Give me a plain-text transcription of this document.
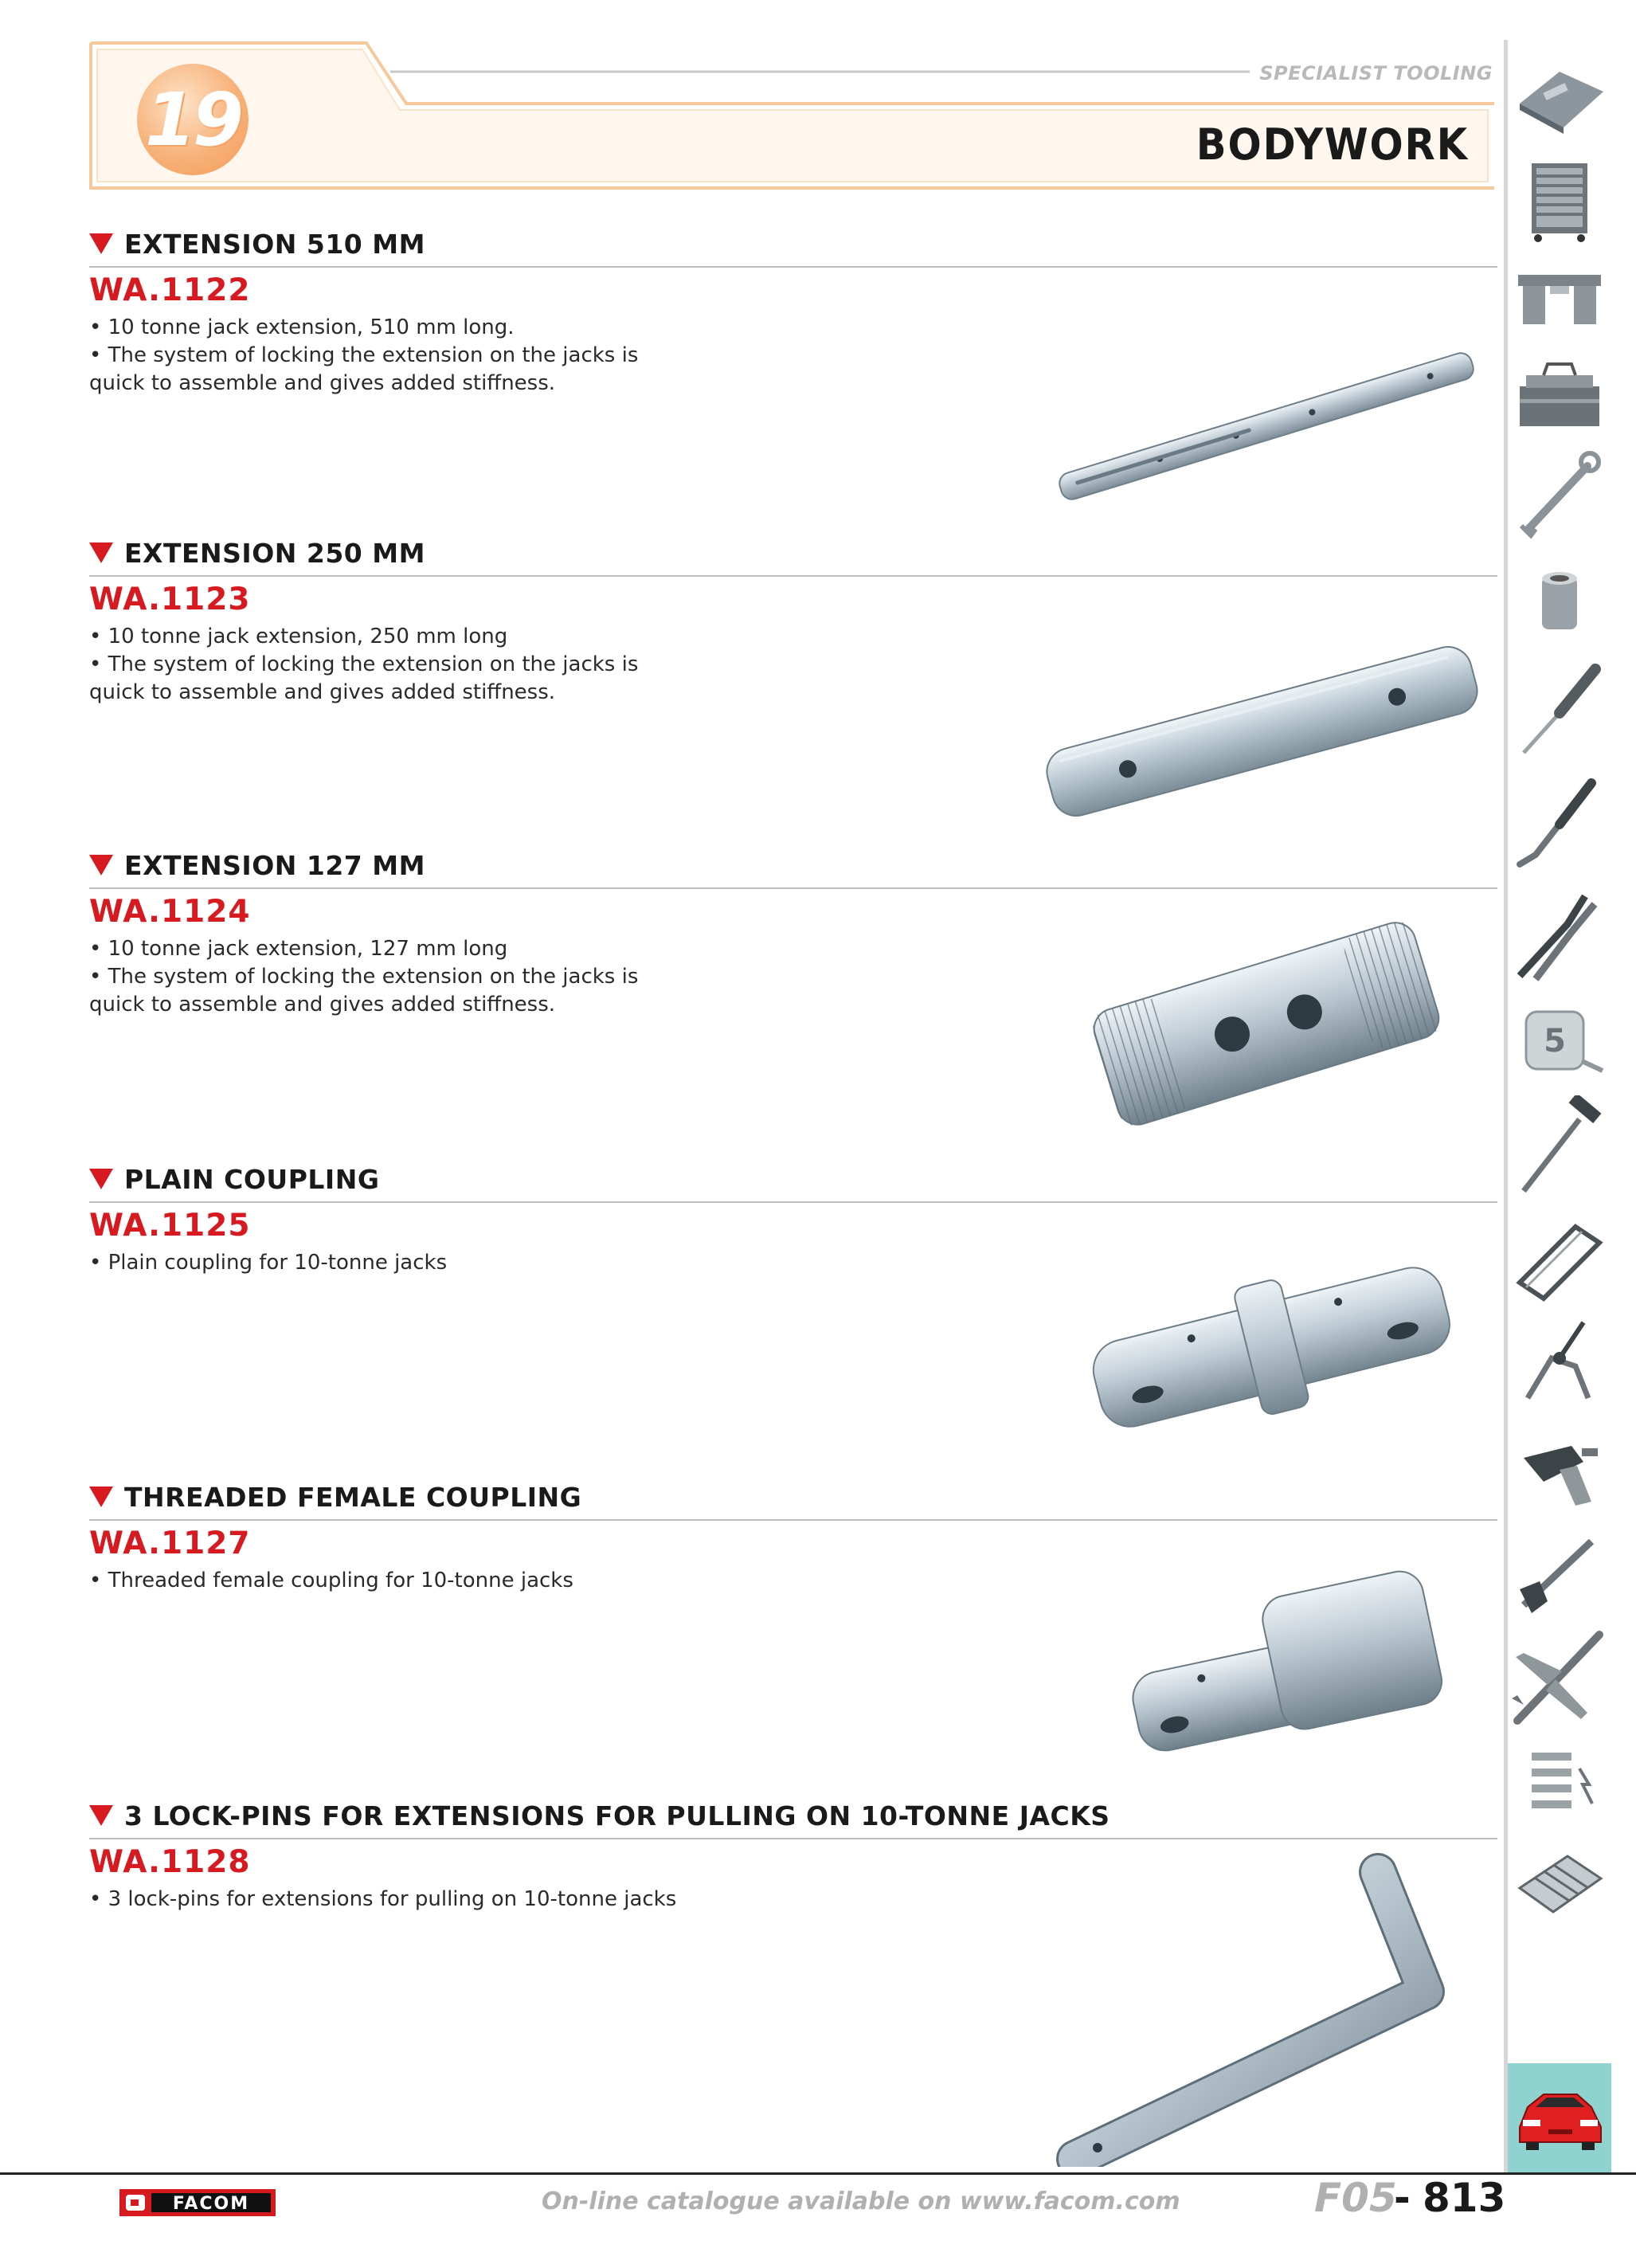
19
SPECIALIST TOOLING
BODYWORK
EXTENSION 510 MM
WA.1122
• 10 tonne jack extension, 510 mm long.
• The system of locking the extension on the jacks is
quick to assemble and gives added stiffness.
EXTENSION 250 MM
WA.1123
• 10 tonne jack extension, 250 mm long
• The system of locking the extension on the jacks is
quick to assemble and gives added stiffness.
EXTENSION 127 MM
WA.1124
• 10 tonne jack extension, 127 mm long
• The system of locking the extension on the jacks is
quick to assemble and gives added stiffness.
PLAIN COUPLING
WA.1125
• Plain coupling for 10-tonne jacks
THREADED FEMALE COUPLING
WA.1127
• Threaded female coupling for 10-tonne jacks
3 LOCK-PINS FOR EXTENSIONS FOR PULLING ON 10-TONNE JACKS
WA.1128
• 3 lock-pins for extensions for pulling on 10-tonne jacks
5
FACOM	On-line catalogue available on www.facom.com	F05
- 813
